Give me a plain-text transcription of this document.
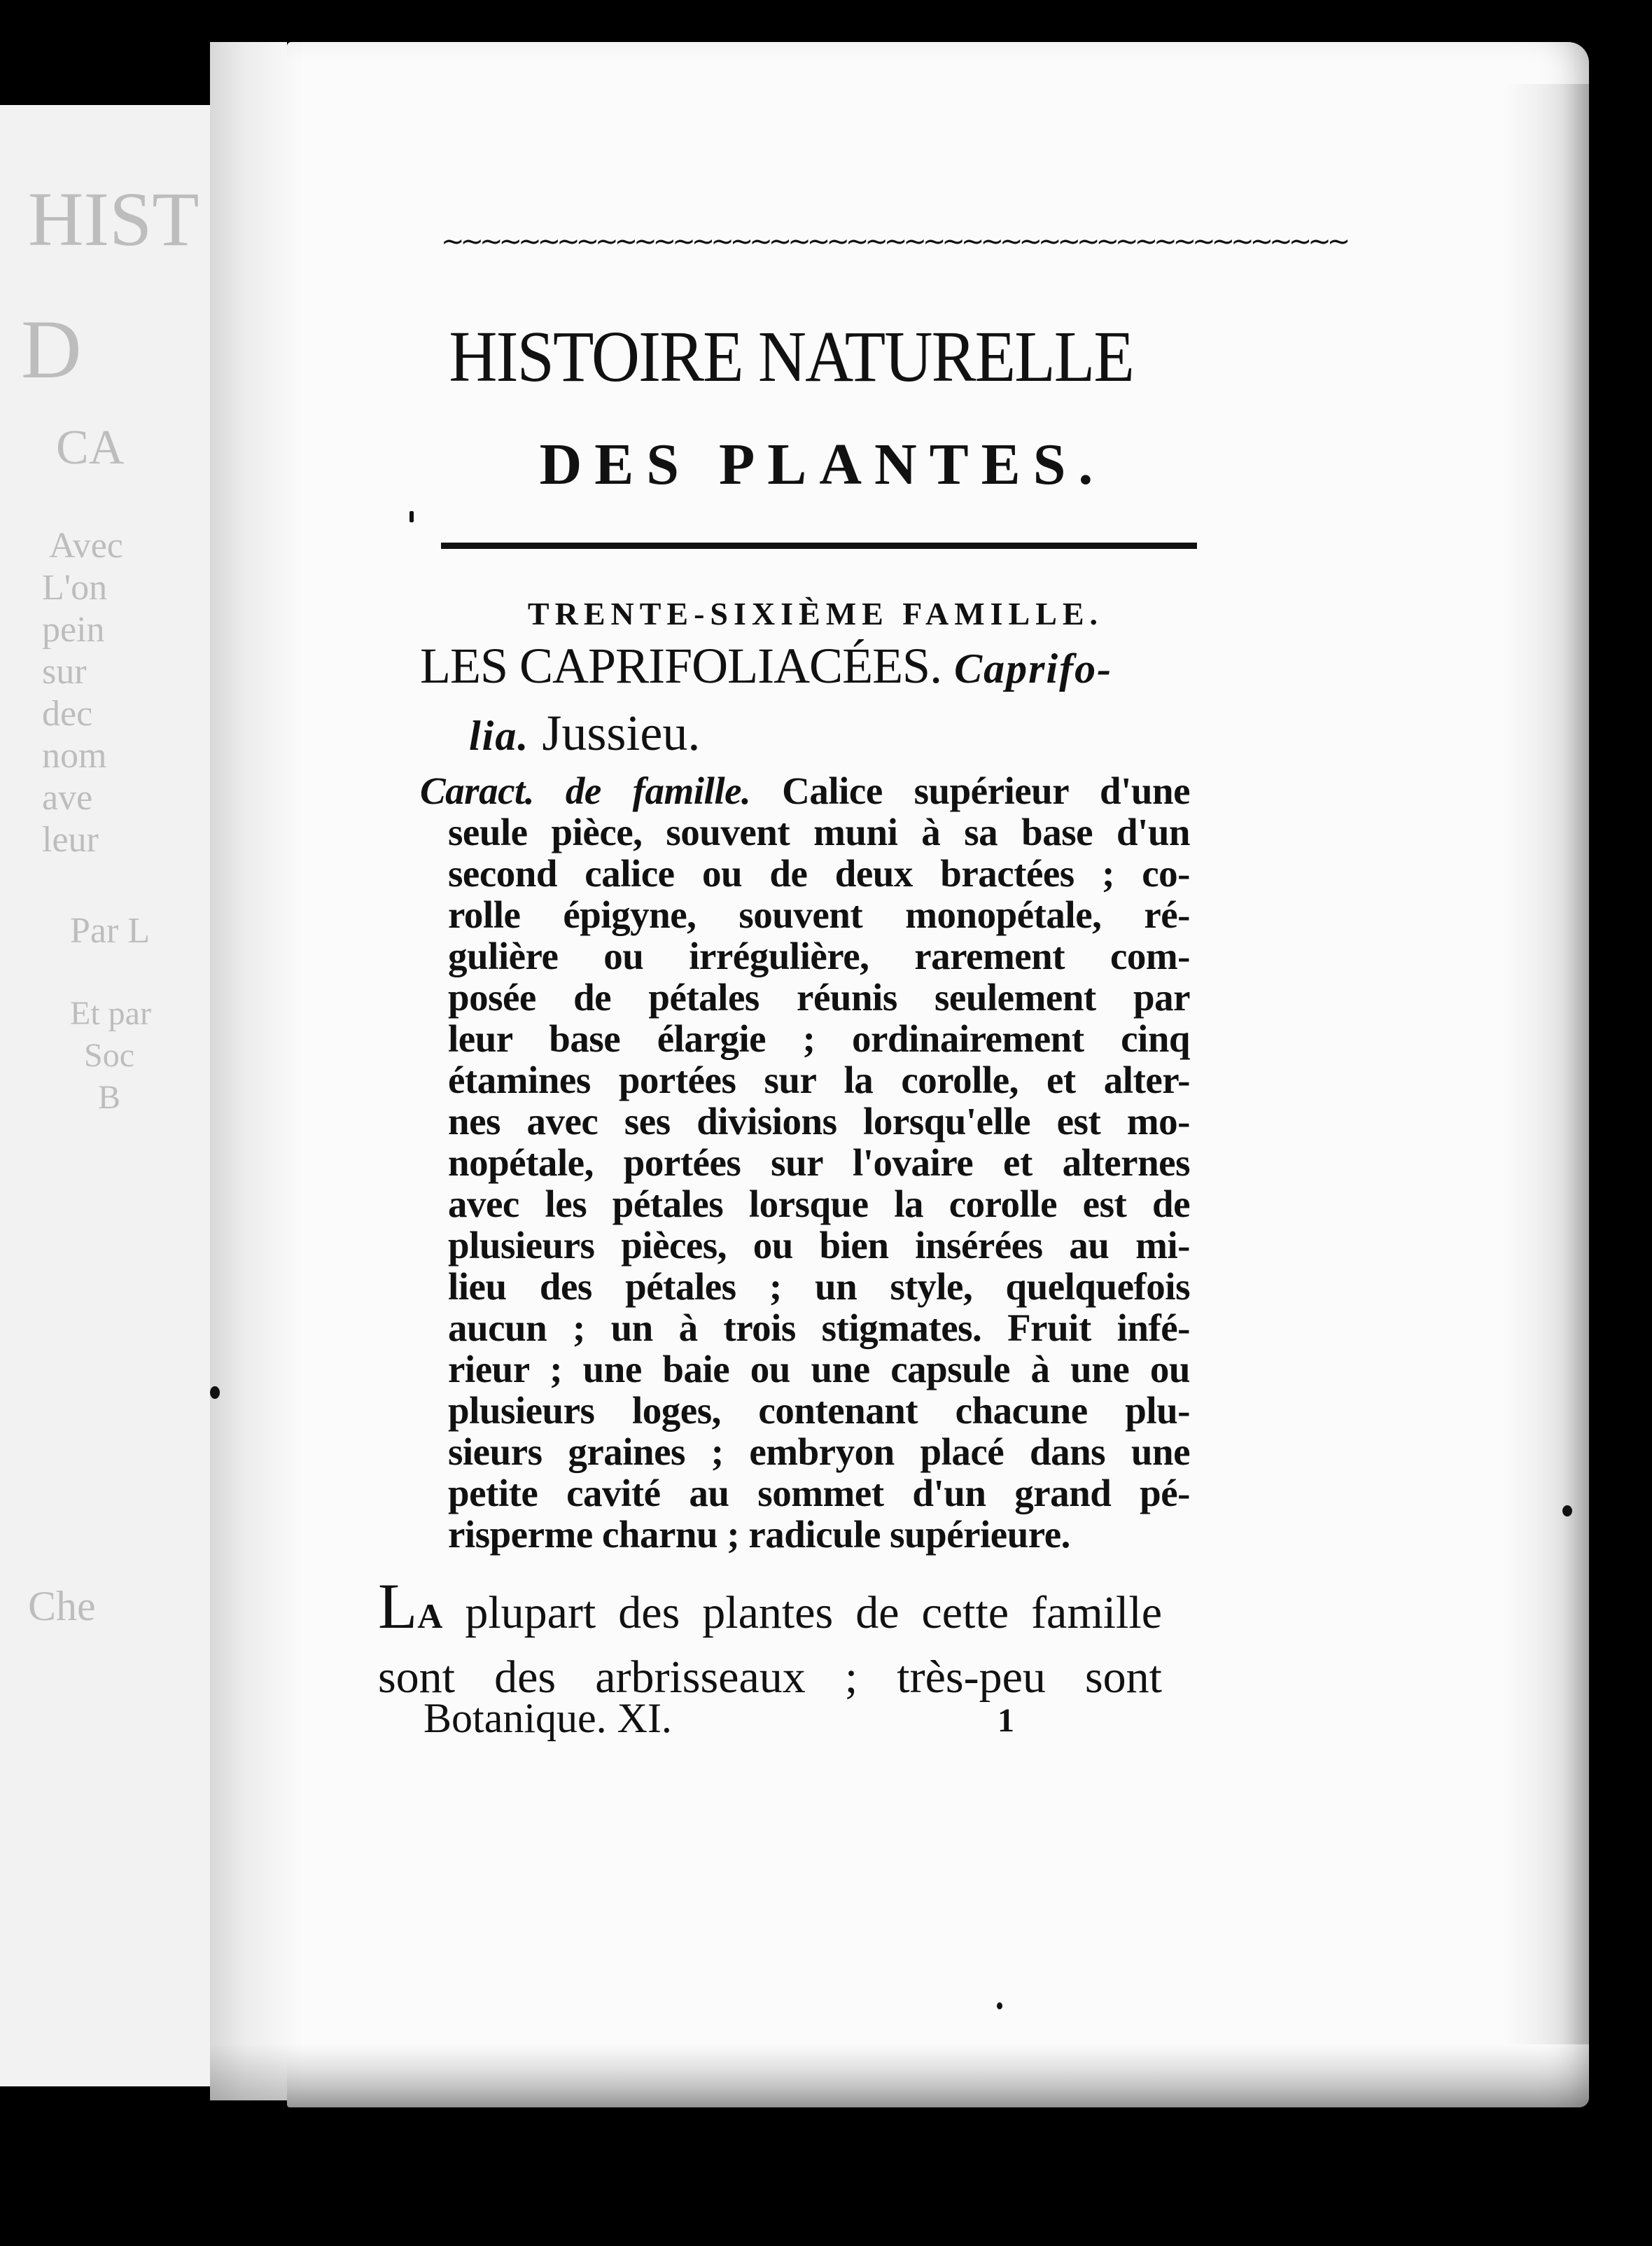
HIST
D
CA
Avec
L'on
pein
sur
dec
nom
ave
leur
Par L
Et par
Soc
B
Che
~~~~~~~~~~~~~~~~~~~~~~~~~~~~~~~~~~~~~~~~~~~~~~~
HISTOIRE NATURELLE
DES PLANTES.
TRENTE-SIXIÈME FAMILLE.
LES CAPRIFOLIACÉES. Caprifo-
lia. Jussieu.
Caract. de famille. Calice supérieur d'une
seule pièce, souvent muni à sa base d'un
second calice ou de deux bractées ; co-
rolle épigyne, souvent monopétale, ré-
gulière ou irrégulière, rarement com-
posée de pétales réunis seulement par
leur base élargie ; ordinairement cinq
étamines portées sur la corolle, et alter-
nes avec ses divisions lorsqu'elle est mo-
nopétale, portées sur l'ovaire et alternes
avec les pétales lorsque la corolle est de
plusieurs pièces, ou bien insérées au mi-
lieu des pétales ; un style, quelquefois
aucun ; un à trois stigmates. Fruit infé-
rieur ; une baie ou une capsule à une ou
plusieurs loges, contenant chacune plu-
sieurs graines ; embryon placé dans une
petite cavité au sommet d'un grand pé-
risperme charnu ; radicule supérieure.
LA plupart des plantes de cette famille
sont des arbrisseaux ; très-peu sont
Botanique. XI.	1
